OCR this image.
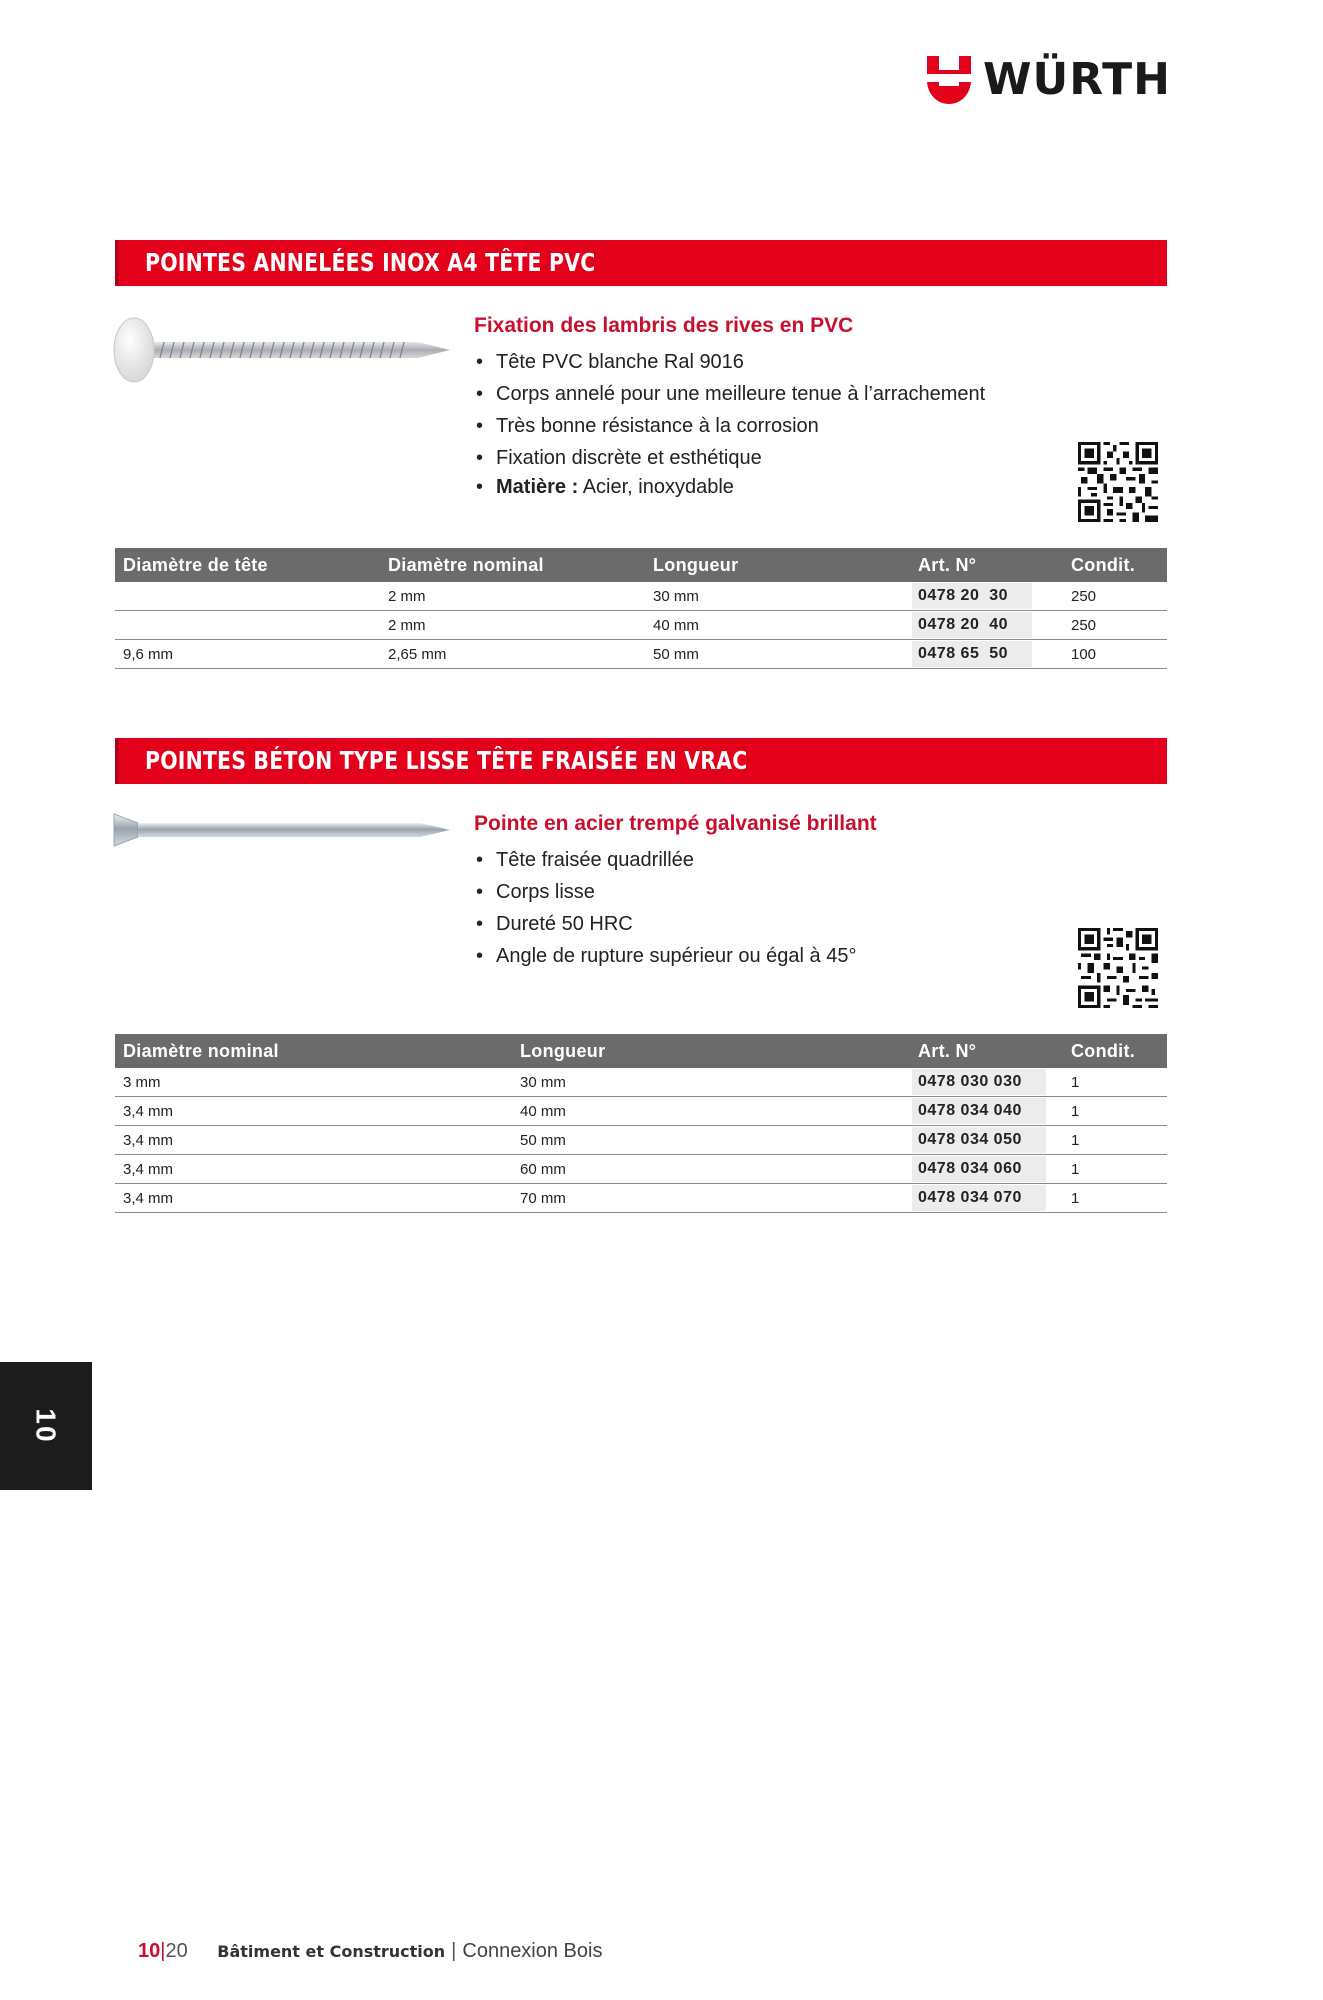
WÜRTH
POINTES ANNELÉES INOX A4 TÊTE PVC

Fixation des lambris des rives en PVC

• Tête PVC blanche Ral 9016
• Corps annelé pour une meilleure tenue à l’arrachement
• Très bonne résistance à la corrosion
• Fixation discrète et esthétique
• Matière : Acier, inoxydable
Diamètre de tête	Diamètre nominal	Longueur	Art. N°	Condit.
	2 mm	30 mm	0478 20  30	250
	2 mm	40 mm	0478 20  40	250
9,6 mm	2,65 mm	50 mm	0478 65  50	100
POINTES BÉTON TYPE LISSE TÊTE FRAISÉE EN VRAC

Pointe en acier trempé galvanisé brillant

• Tête fraisée quadrillée
• Corps lisse
• Dureté 50 HRC
• Angle de rupture supérieur ou égal à 45°
Diamètre nominal	Longueur	Art. N°	Condit.
3 mm	30 mm	0478 030 030	1
3,4 mm	40 mm	0478 034 040	1
3,4 mm	50 mm	0478 034 050	1
3,4 mm	60 mm	0478 034 060	1
3,4 mm	70 mm	0478 034 070	1
10
10|20 Bâtiment et Construction | Connexion Bois
